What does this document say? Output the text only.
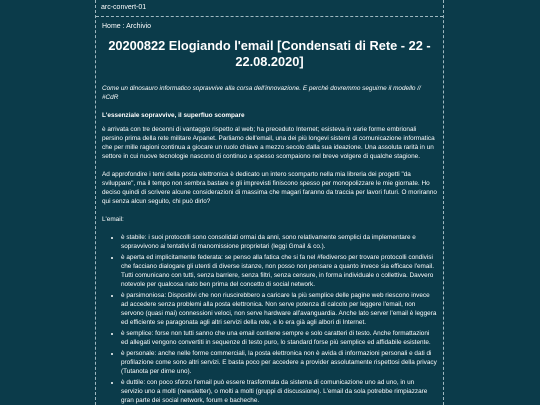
arc-convert-01
Home : Archivio
20200822 Elogiando l'email [Condensati di Rete - 22 - 22.08.2020]

Come un dinosauro informatico sopravvive alla corsa dell'innovazione. E perché dovremmo seguirne il modello // #CdR

L'essenziale sopravvive, il superfluo scompare

è arrivata con tre decenni di vantaggio rispetto al web; ha preceduto Internet; esisteva in varie forme embrionali persino prima della rete militare Arpanet. Parliamo dell'email, una dei più longevi sistemi di comunicazione informatica che per mille ragioni continua a giocare un ruolo chiave a mezzo secolo dalla sua ideazione. Una assoluta rarità in un settore in cui nuove tecnologie nascono di continuo a spesso scompaiono nel breve volgere di qualche stagione.

Ad approfondire i temi della posta elettronica è dedicato un intero scomparto nella mia libreria dei progetti "da sviluppare", ma il tempo non sembra bastare e gli imprevisti finiscono spesso per monopolizzare le mie giornate. Ho deciso quindi di scrivere alcune considerazioni di massima che magari faranno da traccia per lavori futuri. O moriranno qui senza alcun seguito, chi può dirlo?

L'email:

• è stabile: i suoi protocolli sono consolidati ormai da anni, sono relativamente semplici da implementare e sopravvivono ai tentativi di manomissione proprietari (leggi Gmail & co.).
• è aperta ed implicitamente federata: se penso alla fatica che si fa nel #fediverso per trovare protocolli condivisi che facciano dialogare gli utenti di diverse istanze, non posso non pensare a quanto invece sia efficace l'email. Tutti comunicano con tutti, senza barriere, senza filtri, senza censure, in forma individuale o collettiva. Davvero notevole per qualcosa nato ben prima del concetto di social network.
• è parsimoniosa: Dispositivi che non riuscirebbero a caricare la più semplice delle pagine web riescono invece ad accedere senza problemi alla posta elettronica. Non serve potenza di calcolo per leggere l'email, non servono (quasi mai) connessioni veloci, non serve hardware all'avanguardia. Anche lato server l'email è leggera ed efficiente se paragonata agli altri servizi della rete, e lo era già agli albori di Internet.
• è semplice: forse non tutti sanno che una email contiene sempre e solo caratteri di testo. Anche formattazioni ed allegati vengono convertiti in sequenze di testo puro, lo standard forse più semplice ed affidabile esistente.
• è personale: anche nelle forme commerciali, la posta elettronica non è avida di informazioni personali e dati di profilazione come sono altri servizi. E basta poco per accedere a provider assolutamente rispettosi della privacy (Tutanota per dirne uno).
• è duttile: con poco sforzo l'email può essere trasformata da sistema di comunicazione uno ad uno, in un servizio uno a molti (newsletter), o molti a molti (gruppi di discussione). L'email da sola potrebbe rimpiazzare gran parte dei social network, forum e bacheche.
